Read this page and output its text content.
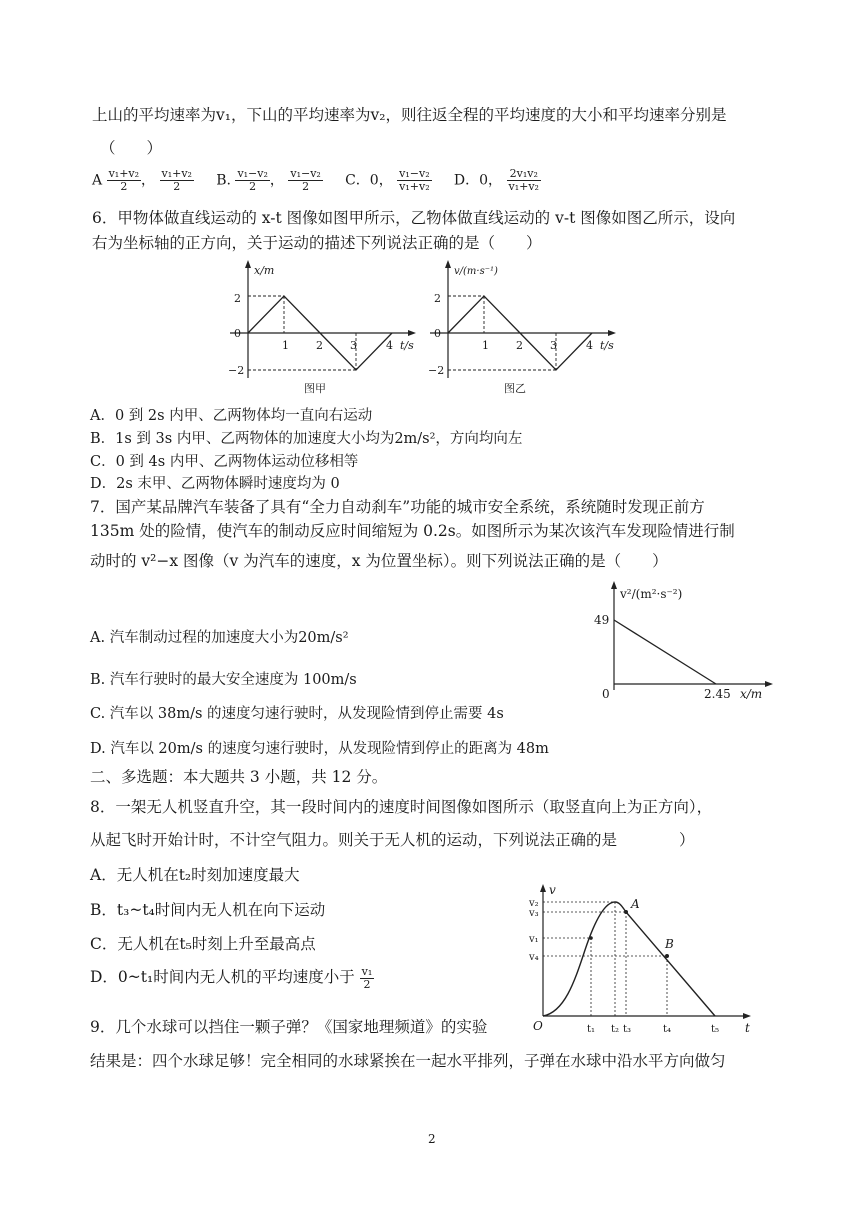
上山的平均速率为v₁，下山的平均速率为v₂，则往返全程的平均速度的大小和平均速率分别是
（　　）
A $\frac{\text{v₁+v₂}}{2}$ ， $\frac{\text{v₁+v₂}}{2} B$. $\frac{\text{v₁−v₂}}{2}$ ， $\frac{\text{v₁−v₂}}{2}$ C．0， $\frac{\text{v₁−v₂}}{\text{v₁+v₂}}$ D．0， $\frac{\text{2v₁v₂}}{\text{v₁+v₂}}$
6．甲物体做直线运动的 x-t 图像如图甲所示，乙物体做直线运动的 v-t 图像如图乙所示，设向
右为坐标轴的正方向，关于运动的描述下列说法正确的是（　　）
x/m
t/s
2
0
−2
1 2 3	4
图甲
v/(m·s⁻¹)
t/s
2
0
−2
1 2 3	4
图乙
A．0 到 2s 内甲、乙两物体均一直向右运动
B．1s 到 3s 内甲、乙两物体的加速度大小均为2m/s²，方向均向左
C．0 到 4s 内甲、乙两物体运动位移相等
D．2s 末甲、乙两物体瞬时速度均为 0
7．国产某品牌汽车装备了具有“全力自动刹车”功能的城市安全系统，系统随时发现正前方
135m 处的险情，使汽车的制动反应时间缩短为 0.2s。如图所示为某次该汽车发现险情进行制
动时的 v²−x 图像（v 为汽车的速度，x 为位置坐标）。则下列说法正确的是（　　）
v²/(m²·s⁻²)
49
0	2.45 x/m
A. 汽车制动过程的加速度大小为20m/s²
B. 汽车行驶时的最大安全速度为 100m/s
C. 汽车以 38m/s 的速度匀速行驶时，从发现险情到停止需要 4s
D. 汽车以 20m/s 的速度匀速行驶时，从发现险情到停止的距离为 48m
二、多选题：本大题共 3 小题，共 12 分。
8．一架无人机竖直升空，其一段时间内的速度时间图像如图所示（取竖直向上为正方向），
从起飞时开始计时，不计空气阻力。则关于无人机的运动，下列说法正确的是　　　　）
A．无人机在t₂时刻加速度最大
B．t₃~t₄时间内无人机在向下运动
C．无人机在t₅时刻上升至最高点
D．0~t₁时间内无人机的平均速度小于 $\frac{\text{v₁}}{2}$
v
t
O
v₂
v₃
v₁
v₄
t₁ t₂ t₃	t₄	t₅
A
B
9．几个水球可以挡住一颗子弹？《国家地理频道》的实验
结果是：四个水球足够！完全相同的水球紧挨在一起水平排列，子弹在水球中沿水平方向做匀
2
